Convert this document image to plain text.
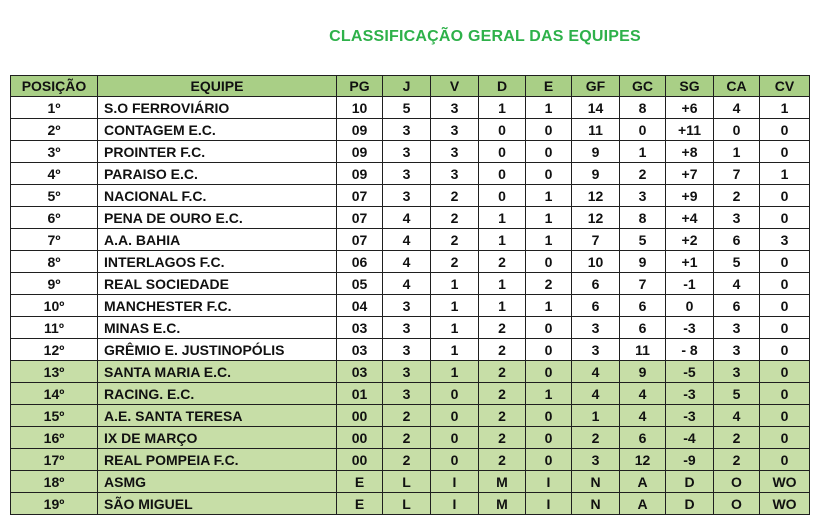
CLASSIFICAÇÃO GERAL DAS EQUIPES
POSIÇÃO	EQUIPE	PG	J	V	D	E	GF	GC	SG	CA	CV
1º	S.O FERROVIÁRIO	10	5	3	1	1	14	8	+6	4	1
2º	CONTAGEM E.C.	09	3	3	0	0	11	0	+11	0	0
3º	PROINTER F.C.	09	3	3	0	0	9	1	+8	1	0
4º	PARAISO E.C.	09	3	3	0	0	9	2	+7	7	1
5º	NACIONAL F.C.	07	3	2	0	1	12	3	+9	2	0
6º	PENA DE OURO E.C.	07	4	2	1	1	12	8	+4	3	0
7º	A.A. BAHIA	07	4	2	1	1	7	5	+2	6	3
8º	INTERLAGOS F.C.	06	4	2	2	0	10	9	+1	5	0
9º	REAL SOCIEDADE	05	4	1	1	2	6	7	-1	4	0
10º	MANCHESTER F.C.	04	3	1	1	1	6	6	0	6	0
11º	MINAS E.C.	03	3	1	2	0	3	6	-3	3	0
12º	GRÊMIO E. JUSTINOPÓLIS	03	3	1	2	0	3	11	- 8	3	0
13º	SANTA MARIA E.C.	03	3	1	2	0	4	9	-5	3	0
14º	RACING. E.C.	01	3	0	2	1	4	4	-3	5	0
15º	A.E. SANTA TERESA	00	2	0	2	0	1	4	-3	4	0
16º	IX DE MARÇO	00	2	0	2	0	2	6	-4	2	0
17º	REAL POMPEIA F.C.	00	2	0	2	0	3	12	-9	2	0
18º	ASMG	E	L	I	M	I	N	A	D	O	WO
19º	SÃO MIGUEL	E	L	I	M	I	N	A	D	O	WO
